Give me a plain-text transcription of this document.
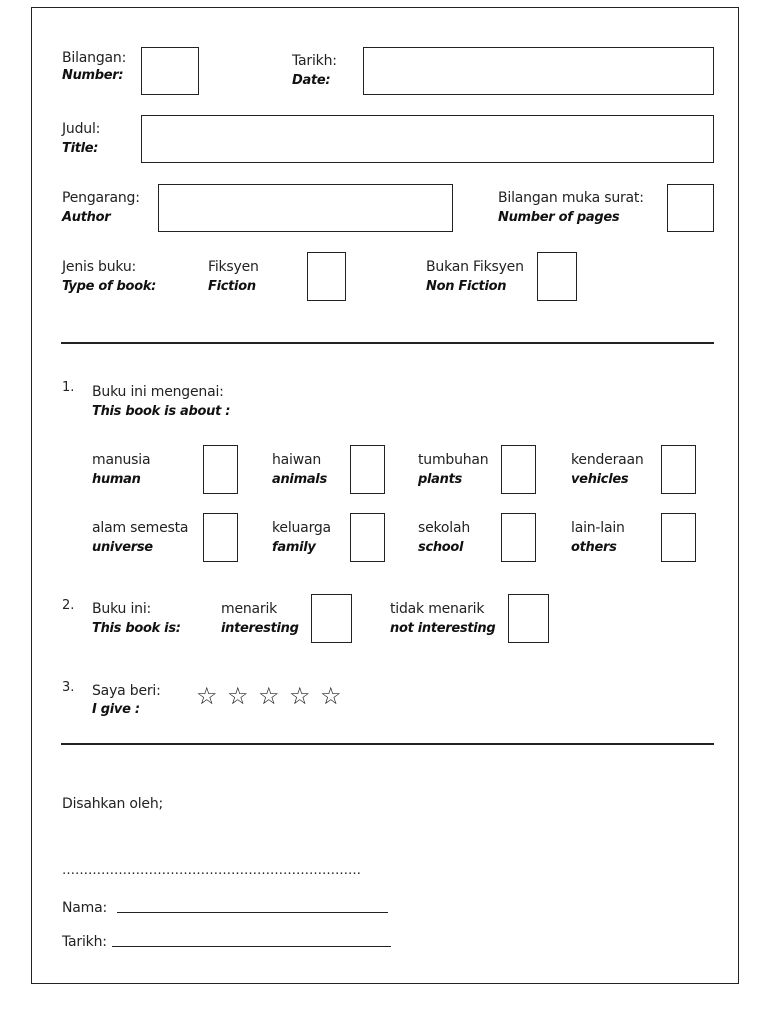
Bilangan:
Number:
Tarikh:
Date:
Judul:
Title:
Pengarang:
Author
Bilangan muka surat:
Number of pages
Jenis buku:
Type of book:
Fiksyen
Fiction
Bukan Fiksyen
Non Fiction
1. Buku ini mengenai:
This book is about :
manusia
human
haiwan
animals
tumbuhan
plants
kenderaan
vehicles
alam semesta
universe
keluarga
family
sekolah
school
lain-lain
others
2. Buku ini:
This book is:
menarik
interesting
tidak menarik
not interesting
3. Saya beri:
I give : ☆ ☆ ☆ ☆ ☆
Disahkan oleh;
……………………………………………………………
Nama:
Tarikh:
